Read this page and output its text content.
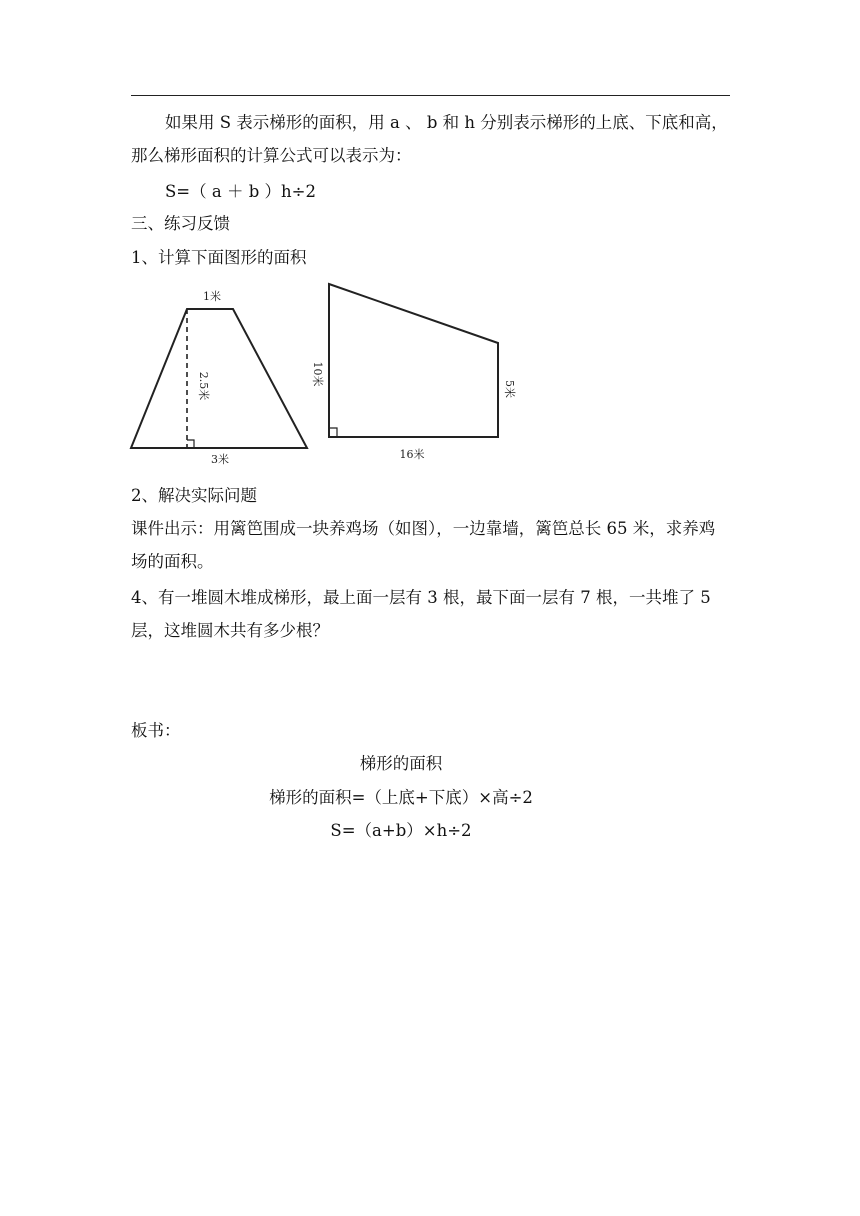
如果用 S 表示梯形的面积，用 a 、 b 和 h 分别表示梯形的上底、下底和高，
那么梯形面积的计算公式可以表示为：
S=（ a ＋ b ）h÷2
三、练习反馈
1、计算下面图形的面积
1米
2.5米
3米
10米
5米
16米
2、解决实际问题
课件出示：用篱笆围成一块养鸡场（如图），一边靠墙，篱笆总长 65 米，求养鸡
场的面积。
4、有一堆圆木堆成梯形，最上面一层有 3 根，最下面一层有 7 根，一共堆了 5
层，这堆圆木共有多少根？
板书：
梯形的面积
梯形的面积=（上底+下底）×高÷2
S=（a+b）×h÷2
